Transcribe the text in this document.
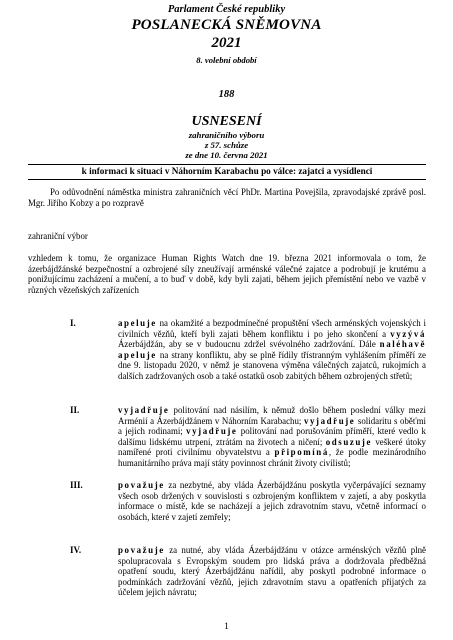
Parlament České republiky
POSLANECKÁ SNĚMOVNA
2021
8. volební období
188
USNESENÍ
zahraničního výboru
z 57. schůze
ze dne 10. června 2021
k informaci k situaci v Náhorním Karabachu po válce: zajatci a vysídlenci
Po odůvodnění náměstka ministra zahraničních věcí PhDr. Martina Povejšila, zpravodajské zprávě posl. Mgr. Jiřího Kobzy a po rozpravě
zahraniční výbor
vzhledem k tomu, že organizace Human Rights Watch dne 19. března 2021 informovala o tom, že ázerbájdžánské bezpečnostní a ozbrojené síly zneužívají arménské válečné zajatce a podrobují je krutému a ponižujícímu zacházení a mučení, a to buď v době, kdy byli zajati, během jejich přemístění nebo ve vazbě v různých vězeňských zařízeních
I.	apeluje na okamžité a bezpodmínečné propuštění všech arménských vojenských i civilních vězňů, kteří byli zajati během konfliktu i po jeho skončení a vyzývá Ázerbájdžán, aby se v budoucnu zdržel svévolného zadržování. Dále naléhavě apeluje na strany konfliktu, aby se plně řídily třístranným vyhlášením příměří ze dne 9. listopadu 2020, v němž je stanovena výměna válečných zajatců, rukojmích a dalších zadržovaných osob a také ostatků osob zabitých během ozbrojených střetů;
II.	vyjadřuje politování nad násilím, k němuž došlo během poslední války mezi Arménií a Ázerbájdžánem v Náhorním Karabachu; vyjadřuje solidaritu s oběťmi a jejich rodinami; vyjadřuje politování nad porušováním příměří, které vedlo k dalšímu lidskému utrpení, ztrátám na životech a ničení; odsuzuje veškeré útoky namířené proti civilnímu obyvatelstvu a připomíná, že podle mezinárodního humanitárního práva mají státy povinnost chránit životy civilistů;
III.	považuje za nezbytné, aby vláda Ázerbájdžánu poskytla vyčerpávající seznamy všech osob držených v souvislosti s ozbrojeným konfliktem v zajetí, a aby poskytla informace o místě, kde se nacházejí a jejich zdravotním stavu, včetně informací o osobách, které v zajetí zemřely;
IV.	považuje za nutné, aby vláda Ázerbájdžánu v otázce arménských vězňů plně spolupracovala s Evropským soudem pro lidská práva a dodržovala předběžná opatření soudu, který Ázerbájdžánu nařídil, aby poskytl podrobné informace o podmínkách zadržování vězňů, jejich zdravotním stavu a opatřeních přijatých za účelem jejich návratu;
1
